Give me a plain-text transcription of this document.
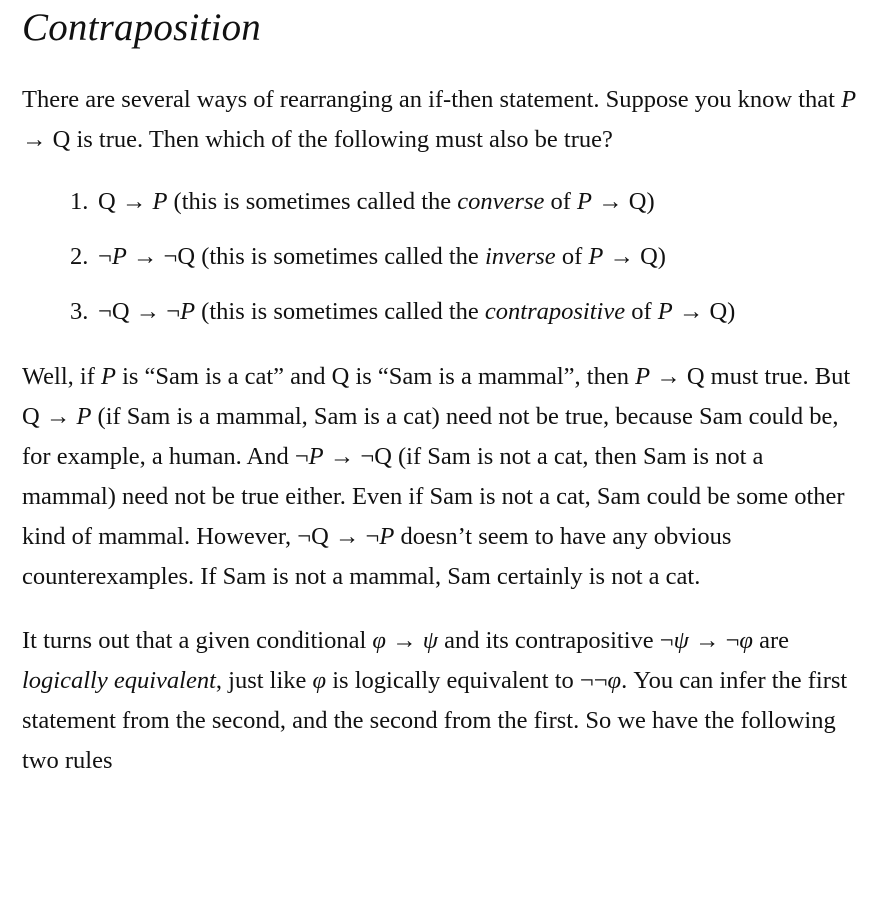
Contraposition

There are several ways of rearranging an if-then statement. Suppose you know that P → Q is true. Then which of the following must also be true?

1. Q → P (this is sometimes called the converse of P → Q)
2. ¬P → ¬Q (this is sometimes called the inverse of P → Q)
3. ¬Q → ¬P (this is sometimes called the contrapositive of P → Q)

Well, if P is “Sam is a cat” and Q is “Sam is a mammal”, then P → Q must true. But Q → P (if Sam is a mammal, Sam is a cat) need not be true, because Sam could be, for example, a human. And ¬P → ¬Q (if Sam is not a cat, then Sam is not a mammal) need not be true either. Even if Sam is not a cat, Sam could be some other kind of mammal. However, ¬Q → ¬P doesn’t seem to have any obvious counterexamples. If Sam is not a mammal, Sam certainly is not a cat.

It turns out that a given conditional φ → ψ and its contrapositive ¬ψ → ¬φ are logically equivalent, just like φ is logically equivalent to ¬¬φ. You can infer the first statement from the second, and the second from the first. So we have the following two rules
